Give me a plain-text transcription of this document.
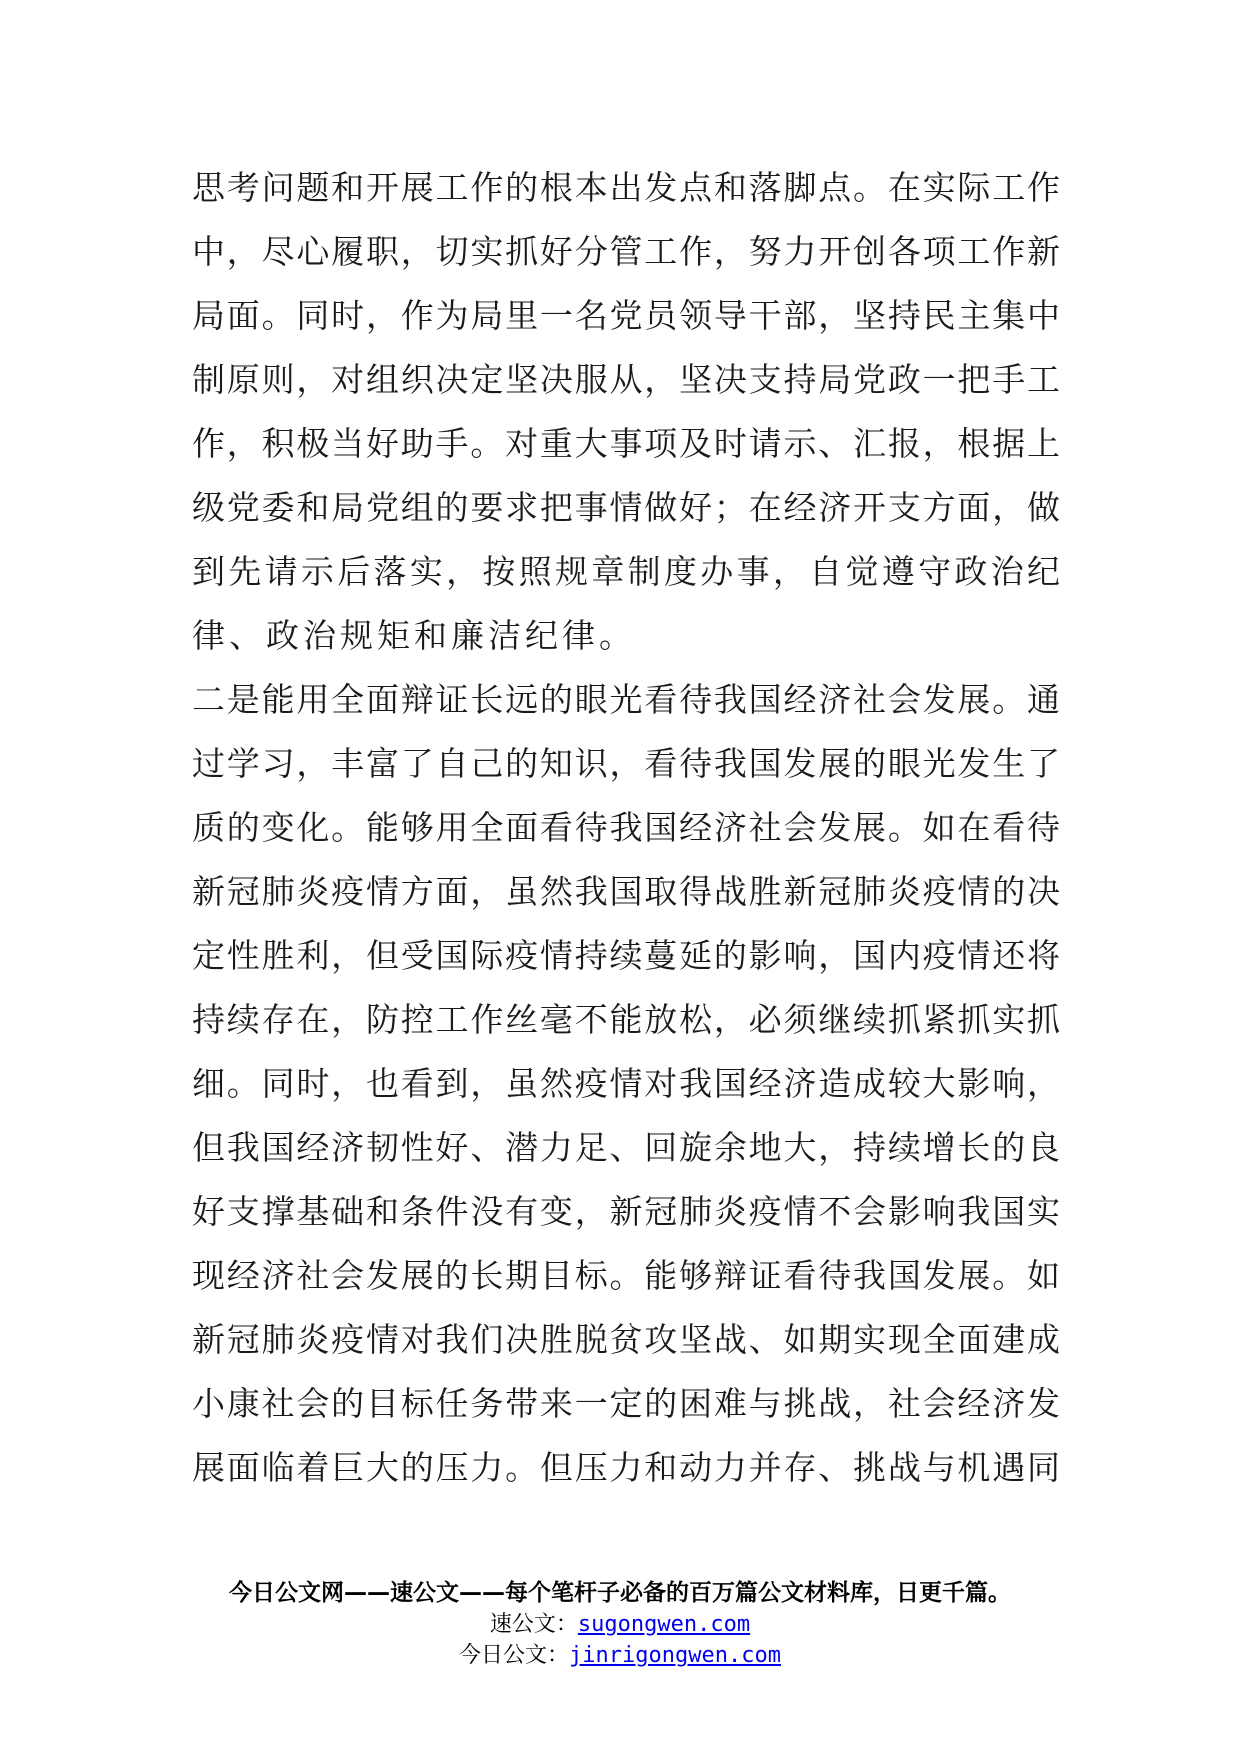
思考问题和开展工作的根本出发点和落脚点。在实际工作
中，尽心履职，切实抓好分管工作，努力开创各项工作新
局面。同时，作为局里一名党员领导干部，坚持民主集中
制原则，对组织决定坚决服从，坚决支持局党政一把手工
作，积极当好助手。对重大事项及时请示、汇报，根据上
级党委和局党组的要求把事情做好；在经济开支方面，做
到先请示后落实，按照规章制度办事，自觉遵守政治纪
律、政治规矩和廉洁纪律。
二是能用全面辩证长远的眼光看待我国经济社会发展。通
过学习，丰富了自己的知识，看待我国发展的眼光发生了
质的变化。能够用全面看待我国经济社会发展。如在看待
新冠肺炎疫情方面，虽然我国取得战胜新冠肺炎疫情的决
定性胜利，但受国际疫情持续蔓延的影响，国内疫情还将
持续存在，防控工作丝毫不能放松，必须继续抓紧抓实抓
细。同时，也看到，虽然疫情对我国经济造成较大影响，
但我国经济韧性好、潜力足、回旋余地大，持续增长的良
好支撑基础和条件没有变，新冠肺炎疫情不会影响我国实
现经济社会发展的长期目标。能够辩证看待我国发展。如
新冠肺炎疫情对我们决胜脱贫攻坚战、如期实现全面建成
小康社会的目标任务带来一定的困难与挑战，社会经济发
展面临着巨大的压力。但压力和动力并存、挑战与机遇同

今日公文网——速公文——每个笔杆子必备的百万篇公文材料库，日更千篇。

速公文：sugongwen.com

今日公文：jinrigongwen.com
